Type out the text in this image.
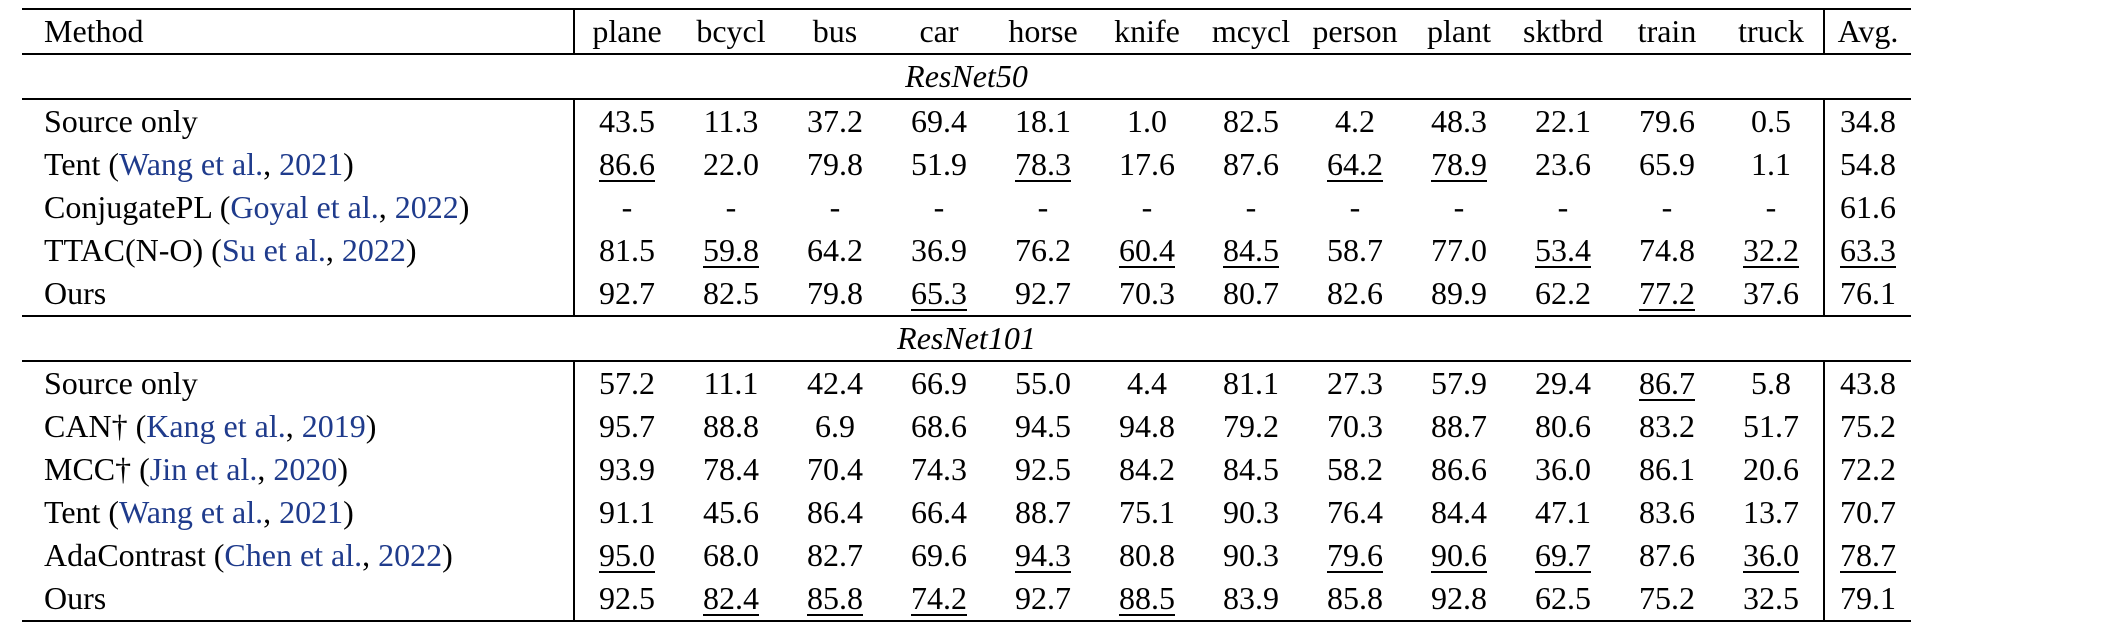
Method	plane	bcycl	bus	car	horse	knife	mcycl	person	plant	sktbrd	train	truck	Avg.
ResNet50													
Source only	43.5	11.3	37.2	69.4	18.1	1.0	82.5	4.2	48.3	22.1	79.6	0.5	34.8
Tent (Wang et al., 2021)	86.6	22.0	79.8	51.9	78.3	17.6	87.6	64.2	78.9	23.6	65.9	1.1	54.8
ConjugatePL (Goyal et al., 2022)	-	-	-	-	-	-	-	-	-	-	-	-	61.6
TTAC(N-O) (Su et al., 2022)	81.5	59.8	64.2	36.9	76.2	60.4	84.5	58.7	77.0	53.4	74.8	32.2	63.3
Ours	92.7	82.5	79.8	65.3	92.7	70.3	80.7	82.6	89.9	62.2	77.2	37.6	76.1
ResNet101													
Source only	57.2	11.1	42.4	66.9	55.0	4.4	81.1	27.3	57.9	29.4	86.7	5.8	43.8
CAN† (Kang et al., 2019)	95.7	88.8	6.9	68.6	94.5	94.8	79.2	70.3	88.7	80.6	83.2	51.7	75.2
MCC† (Jin et al., 2020)	93.9	78.4	70.4	74.3	92.5	84.2	84.5	58.2	86.6	36.0	86.1	20.6	72.2
Tent (Wang et al., 2021)	91.1	45.6	86.4	66.4	88.7	75.1	90.3	76.4	84.4	47.1	83.6	13.7	70.7
AdaContrast (Chen et al., 2022)	95.0	68.0	82.7	69.6	94.3	80.8	90.3	79.6	90.6	69.7	87.6	36.0	78.7
Ours	92.5	82.4	85.8	74.2	92.7	88.5	83.9	85.8	92.8	62.5	75.2	32.5	79.1
